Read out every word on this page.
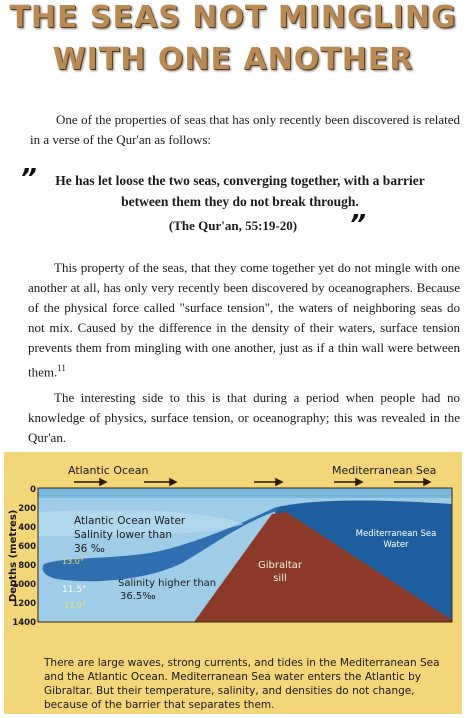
THE SEAS NOT MINGLING
WITH ONE ANOTHER
One of the properties of seas that has only recently been discovered is related in a verse of the Qur'an as follows:
”	He has let loose the two seas, converging together, with a barrier between them they do not break through.
„
(The Qur'an, 55:19-20)
This property of the seas, that they come together yet do not mingle with one another at all, has only very recently been discovered by oceanographers. Because of the physical force called "surface tension", the waters of neighboring seas do not mix. Caused by the difference in the density of their waters, surface tension prevents them from mingling with one another, just as if a thin wall were between them.$^{11}$
The interesting side to this is that during a period when people had no knowledge of physics, surface tension, or oceanography; this was revealed in the Qur'an.
Atlantic Ocean	Mediterranean Sea
Depths (metres)
0
200
400
600
800
1000
1200
1400
Atlantic Ocean Water
Salinity lower than
36 ‰
13.0°
11.5°
13.0°
Salinity higher than
36.5‰
Mediterranean Sea
Water
Gibraltar
sill
There are large waves, strong currents, and tides in the Mediterranean Sea and the Atlantic Ocean. Mediterranean Sea water enters the Atlantic by Gibraltar. But their temperature, salinity, and densities do not change, because of the barrier that separates them.
